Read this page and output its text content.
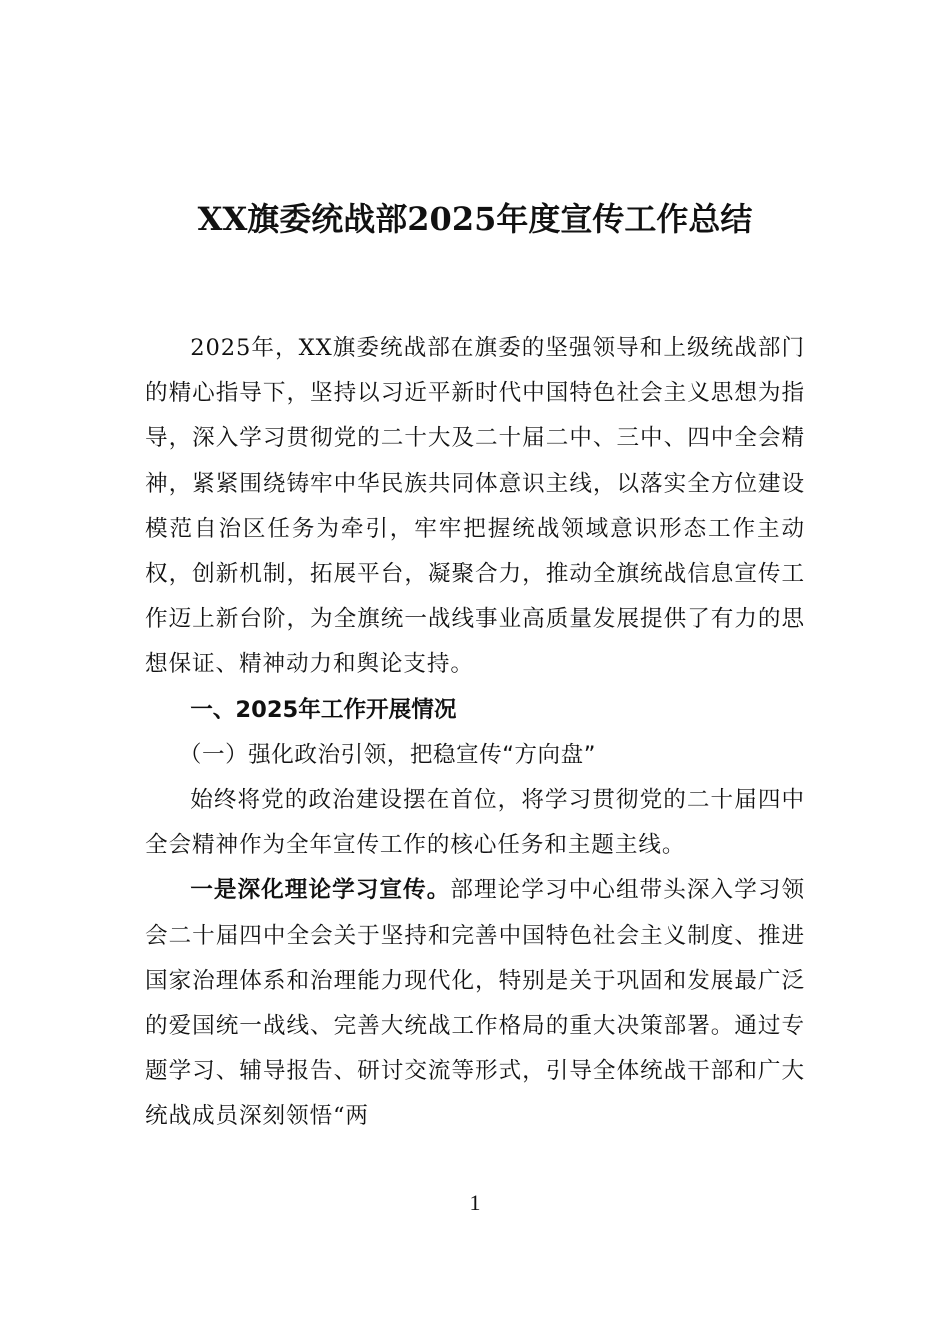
XX旗委统战部2025年度宣传工作总结

2025年，XX旗委统战部在旗委的坚强领导和上级统战部门的精心指导下，坚持以习近平新时代中国特色社会主义思想为指导，深入学习贯彻党的二十大及二十届二中、三中、四中全会精神，紧紧围绕铸牢中华民族共同体意识主线，以落实全方位建设模范自治区任务为牵引，牢牢把握统战领域意识形态工作主动权，创新机制，拓展平台，凝聚合力，推动全旗统战信息宣传工作迈上新台阶，为全旗统一战线事业高质量发展提供了有力的思想保证、精神动力和舆论支持。

一、2025年工作开展情况

（一）强化政治引领，把稳宣传“方向盘”

始终将党的政治建设摆在首位，将学习贯彻党的二十届四中全会精神作为全年宣传工作的核心任务和主题主线。

一是深化理论学习宣传。部理论学习中心组带头深入学习领会二十届四中全会关于坚持和完善中国特色社会主义制度、推进国家治理体系和治理能力现代化，特别是关于巩固和发展最广泛的爱国统一战线、完善大统战工作格局的重大决策部署。通过专题学习、辅导报告、研讨交流等形式，引导全体统战干部和广大统战成员深刻领悟“两

1
